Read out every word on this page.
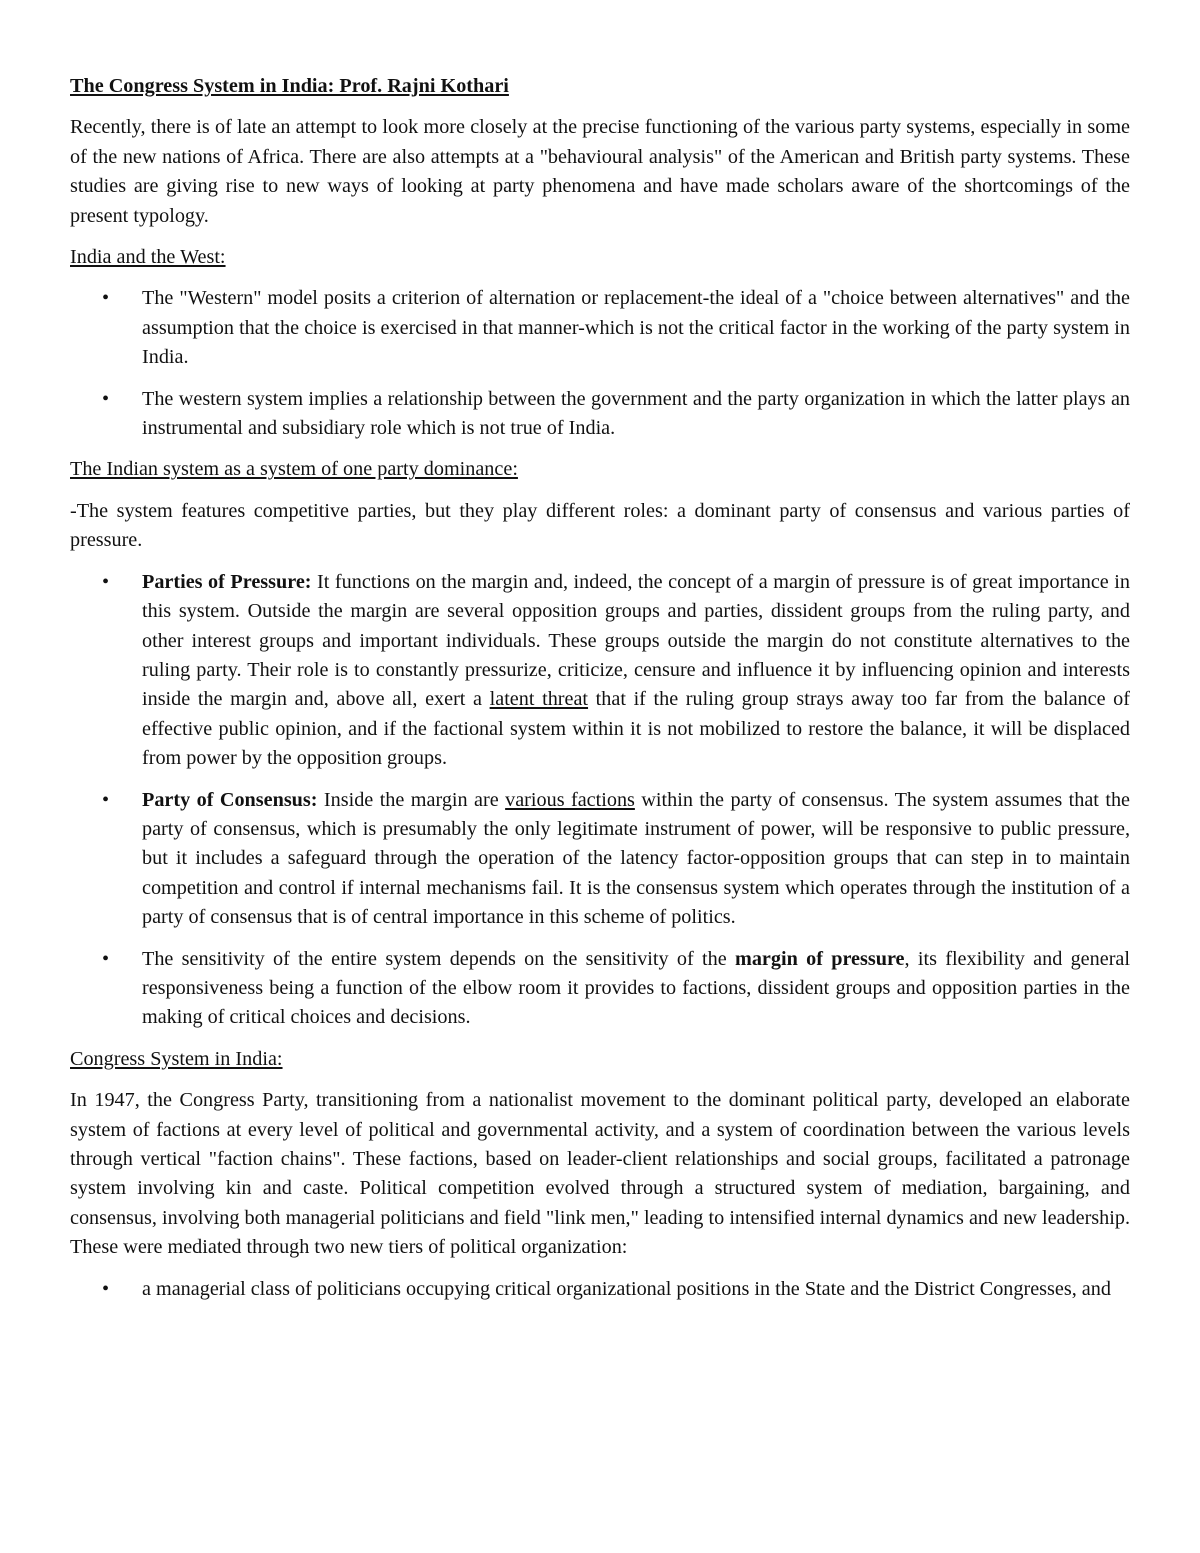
The Congress System in India: Prof. Rajni Kothari

Recently, there is of late an attempt to look more closely at the precise functioning of the various party systems, especially in some of the new nations of Africa. There are also attempts at a "behavioural analysis" of the American and British party systems. These studies are giving rise to new ways of looking at party phenomena and have made scholars aware of the shortcomings of the present typology.

India and the West:
• The "Western" model posits a criterion of alternation or replacement-the ideal of a "choice between alternatives" and the assumption that the choice is exercised in that manner-which is not the critical factor in the working of the party system in India.
• The western system implies a relationship between the government and the party organization in which the latter plays an instrumental and subsidiary role which is not true of India.
The Indian system as a system of one party dominance:

-The system features competitive parties, but they play different roles: a dominant party of consensus and various parties of pressure.

• Parties of Pressure: It functions on the margin and, indeed, the concept of a margin of pressure is of great importance in this system. Outside the margin are several opposition groups and parties, dissident groups from the ruling party, and other interest groups and important individuals. These groups outside the margin do not constitute alternatives to the ruling party. Their role is to constantly pressurize, criticize, censure and influence it by influencing opinion and interests inside the margin and, above all, exert a latent threat that if the ruling group strays away too far from the balance of effective public opinion, and if the factional system within it is not mobilized to restore the balance, it will be displaced from power by the opposition groups.
• Party of Consensus: Inside the margin are various factions within the party of consensus. The system assumes that the party of consensus, which is presumably the only legitimate instrument of power, will be responsive to public pressure, but it includes a safeguard through the operation of the latency factor-opposition groups that can step in to maintain competition and control if internal mechanisms fail. It is the consensus system which operates through the institution of a party of consensus that is of central importance in this scheme of politics.
• The sensitivity of the entire system depends on the sensitivity of the margin of pressure, its flexibility and general responsiveness being a function of the elbow room it provides to factions, dissident groups and opposition parties in the making of critical choices and decisions.
Congress System in India:

In 1947, the Congress Party, transitioning from a nationalist movement to the dominant political party, developed an elaborate system of factions at every level of political and governmental activity, and a system of coordination between the various levels through vertical "faction chains". These factions, based on leader-client relationships and social groups, facilitated a patronage system involving kin and caste. Political competition evolved through a structured system of mediation, bargaining, and consensus, involving both managerial politicians and field "link men," leading to intensified internal dynamics and new leadership. These were mediated through two new tiers of political organization:

• a managerial class of politicians occupying critical organizational positions in the State and the District Congresses, and
